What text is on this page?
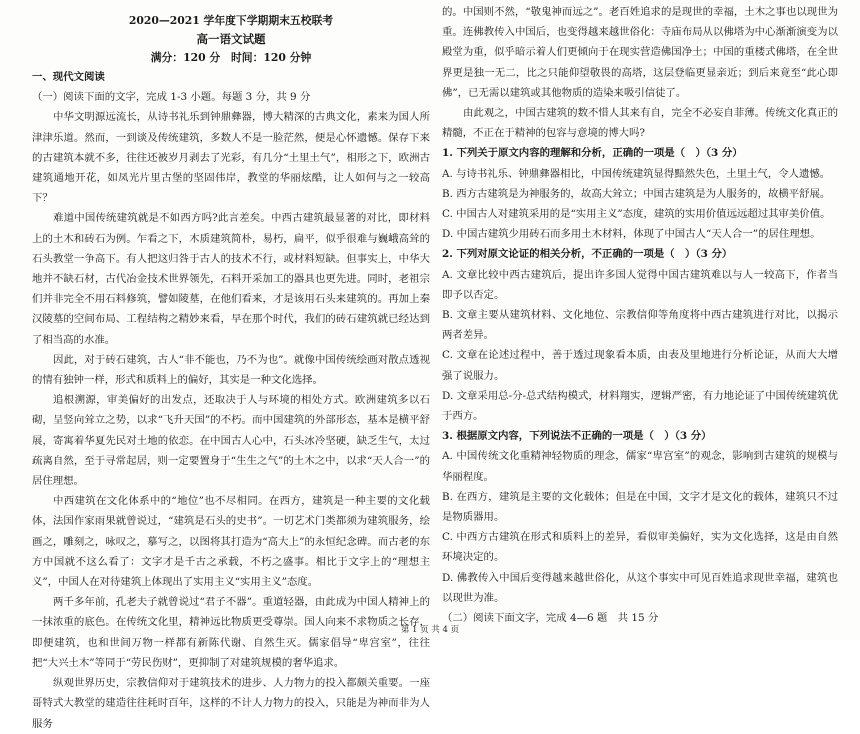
2020—2021 学年度下学期期末五校联考
高一语文试题
满分：120 分　时间：120 分钟
一、现代文阅读
（一）阅读下面的文字，完成 1-3 小题。每题 3 分，共 9 分

中华文明源远流长，从诗书礼乐到钟鼎彝器，博大精深的古典文化，素来为国人所津津乐道。然而，一到谈及传统建筑，多数人不是一脸茫然，便是心怀遗憾。保存下来的古建筑本就不多，往往还被岁月剥去了光彩，有几分“土里土气”，相形之下，欧洲古建筑通地开花，如凤光片里古堡的坚固伟岸，教堂的华丽炫酷，让人如何与之一较高下？

难道中国传统建筑就是不如西方吗?此言差矣。中西古建筑最显著的对比，即材料上的土木和砖石为例。乍看之下，木质建筑简朴，易朽，扁平，似乎很难与巍峨高耸的石头教堂一争高下。有人把这归咎于古人的技术不行，或材料短缺。但事实上，中华大地并不缺石材，古代冶金技术世界领先，石料开采加工的器具也更先进。同时，老祖宗们并非完全不用石料修筑，譬如陵墓，在他们看来，才是该用石头来建筑的。再加上秦汉陵墓的空间布局、工程结构之精妙来看，早在那个时代，我们的砖石建筑就已经达到了相当高的水准。

因此，对于砖石建筑，古人“非不能也，乃不为也”。就像中国传统绘画对散点透视的情有独钟一样，形式和质料上的偏好，其实是一种文化选择。

追根溯源，审美偏好的出发点，还取决于人与环境的相处方式。欧洲建筑多以石砌，呈竖向耸立之势，以求“飞升天国”的不朽。而中国建筑的外部形态，基本是横平舒展，寄寓着华夏先民对土地的依恋。在中国古人心中，石头冰冷坚硬，缺乏生气，太过疏离自然，至于寻常起居，则一定要置身于“生生之气”的土木之中，以求“天人合一”的居住理想。

中西建筑在文化体系中的“地位”也不尽相同。在西方，建筑是一种主要的文化载体，法国作家雨果就曾说过，“建筑是石头的史书”。一切艺术门类都须为建筑服务，绘画之，雕刻之，咏叹之，摹写之，以图将其打造为“高大上”的永恒纪念碑。而古老的东方中国就不这么看了：文字才是千古之承载，不朽之盛事。相比于文字上的“理想主义”，中国人在对待建筑上体现出了实用主义“实用主义”态度。

两千多年前，孔老夫子就曾说过“君子不器”。重道轻器，由此成为中国人精神上的一抹浓重的底色。在传统文化里，精神远比物质更受尊崇。国人向来不求物质之长存，即便建筑，也和世间万物一样都有新陈代谢、自然生灭。儒家倡导“卑宫室”，往往把“大兴土木”等同于“劳民伤财”，更抑制了对建筑规模的奢华追求。

纵观世界历史，宗教信仰对于建筑技术的进步、人力物力的投入都颇关重要。一座哥特式大教堂的建造往往耗时百年，这样的不计人力物力的投入，只能是为神而非为人服务

的。中国则不然，“敬鬼神而远之”。老百姓追求的是现世的幸福，土木之事也以现世为重。连佛教传入中国后，也变得越来越世俗化：寺庙布局从以佛塔为中心渐渐演变为以殿堂为重，似乎暗示着人们更倾向于在现实营造佛国净土；中国的重楼式佛塔，在全世界更是独一无二，比之只能仰望敬畏的高塔，这层登临更显亲近；到后来竟至“此心即佛”，已无需以建筑或其他物质的造染来吸引信徒了。

由此观之，中国古建筑的数不惜人其来有自，完全不必妄自菲薄。传统文化真正的精髓，不正在于精神的包容与意境的博大吗?

1. 下列关于原文内容的理解和分析，正确的一项是（　）（3 分）
A. 与诗书礼乐、钟鼎彝器相比，中国传统建筑显得黯然失色，土里土气，令人遗憾。
B. 西方古建筑是为神服务的，故高大耸立；中国古建筑是为人服务的，故横平舒展。
C. 中国古人对建筑采用的是“实用主义”态度，建筑的实用价值远远超过其审美价值。
D. 中国古建筑少用砖石而多用土木材料，体现了中国古人“天人合一”的居住理想。
2. 下列对原文论证的相关分析，不正确的一项是（　）（3 分）
A. 文章比较中西古建筑后，提出许多国人觉得中国古建筑难以与人一较高下，作者当即予以否定。
B. 文章主要从建筑材料、文化地位、宗教信仰等角度将中西古建筑进行对比，以揭示两者差异。
C. 文章在论述过程中，善于透过现象看本质，由表及里地进行分析论证，从而大大增强了说服力。
D. 文章采用总-分-总式结构模式，材料翔实，逻辑严密，有力地论证了中国传统建筑优于西方。
3. 根据原文内容，下列说法不正确的一项是（　）（3 分）
A. 中国传统文化重精神轻物质的理念，儒家“卑宫室”的观念，影响到古建筑的规模与华丽程度。
B. 在西方，建筑是主要的文化载体；但是在中国，文字才是文化的载体，建筑只不过是物质器用。
C. 中西方古建筑在形式和质料上的差异，看似审美偏好，实为文化选择，这是由自然环境决定的。
D. 佛教传入中国后变得越来越世俗化，从这个事实中可见百姓追求现世幸福，建筑也以现世为准。
（二）阅读下面文字，完成 4—6 题　共 15 分
第 1 页 共 4 页
